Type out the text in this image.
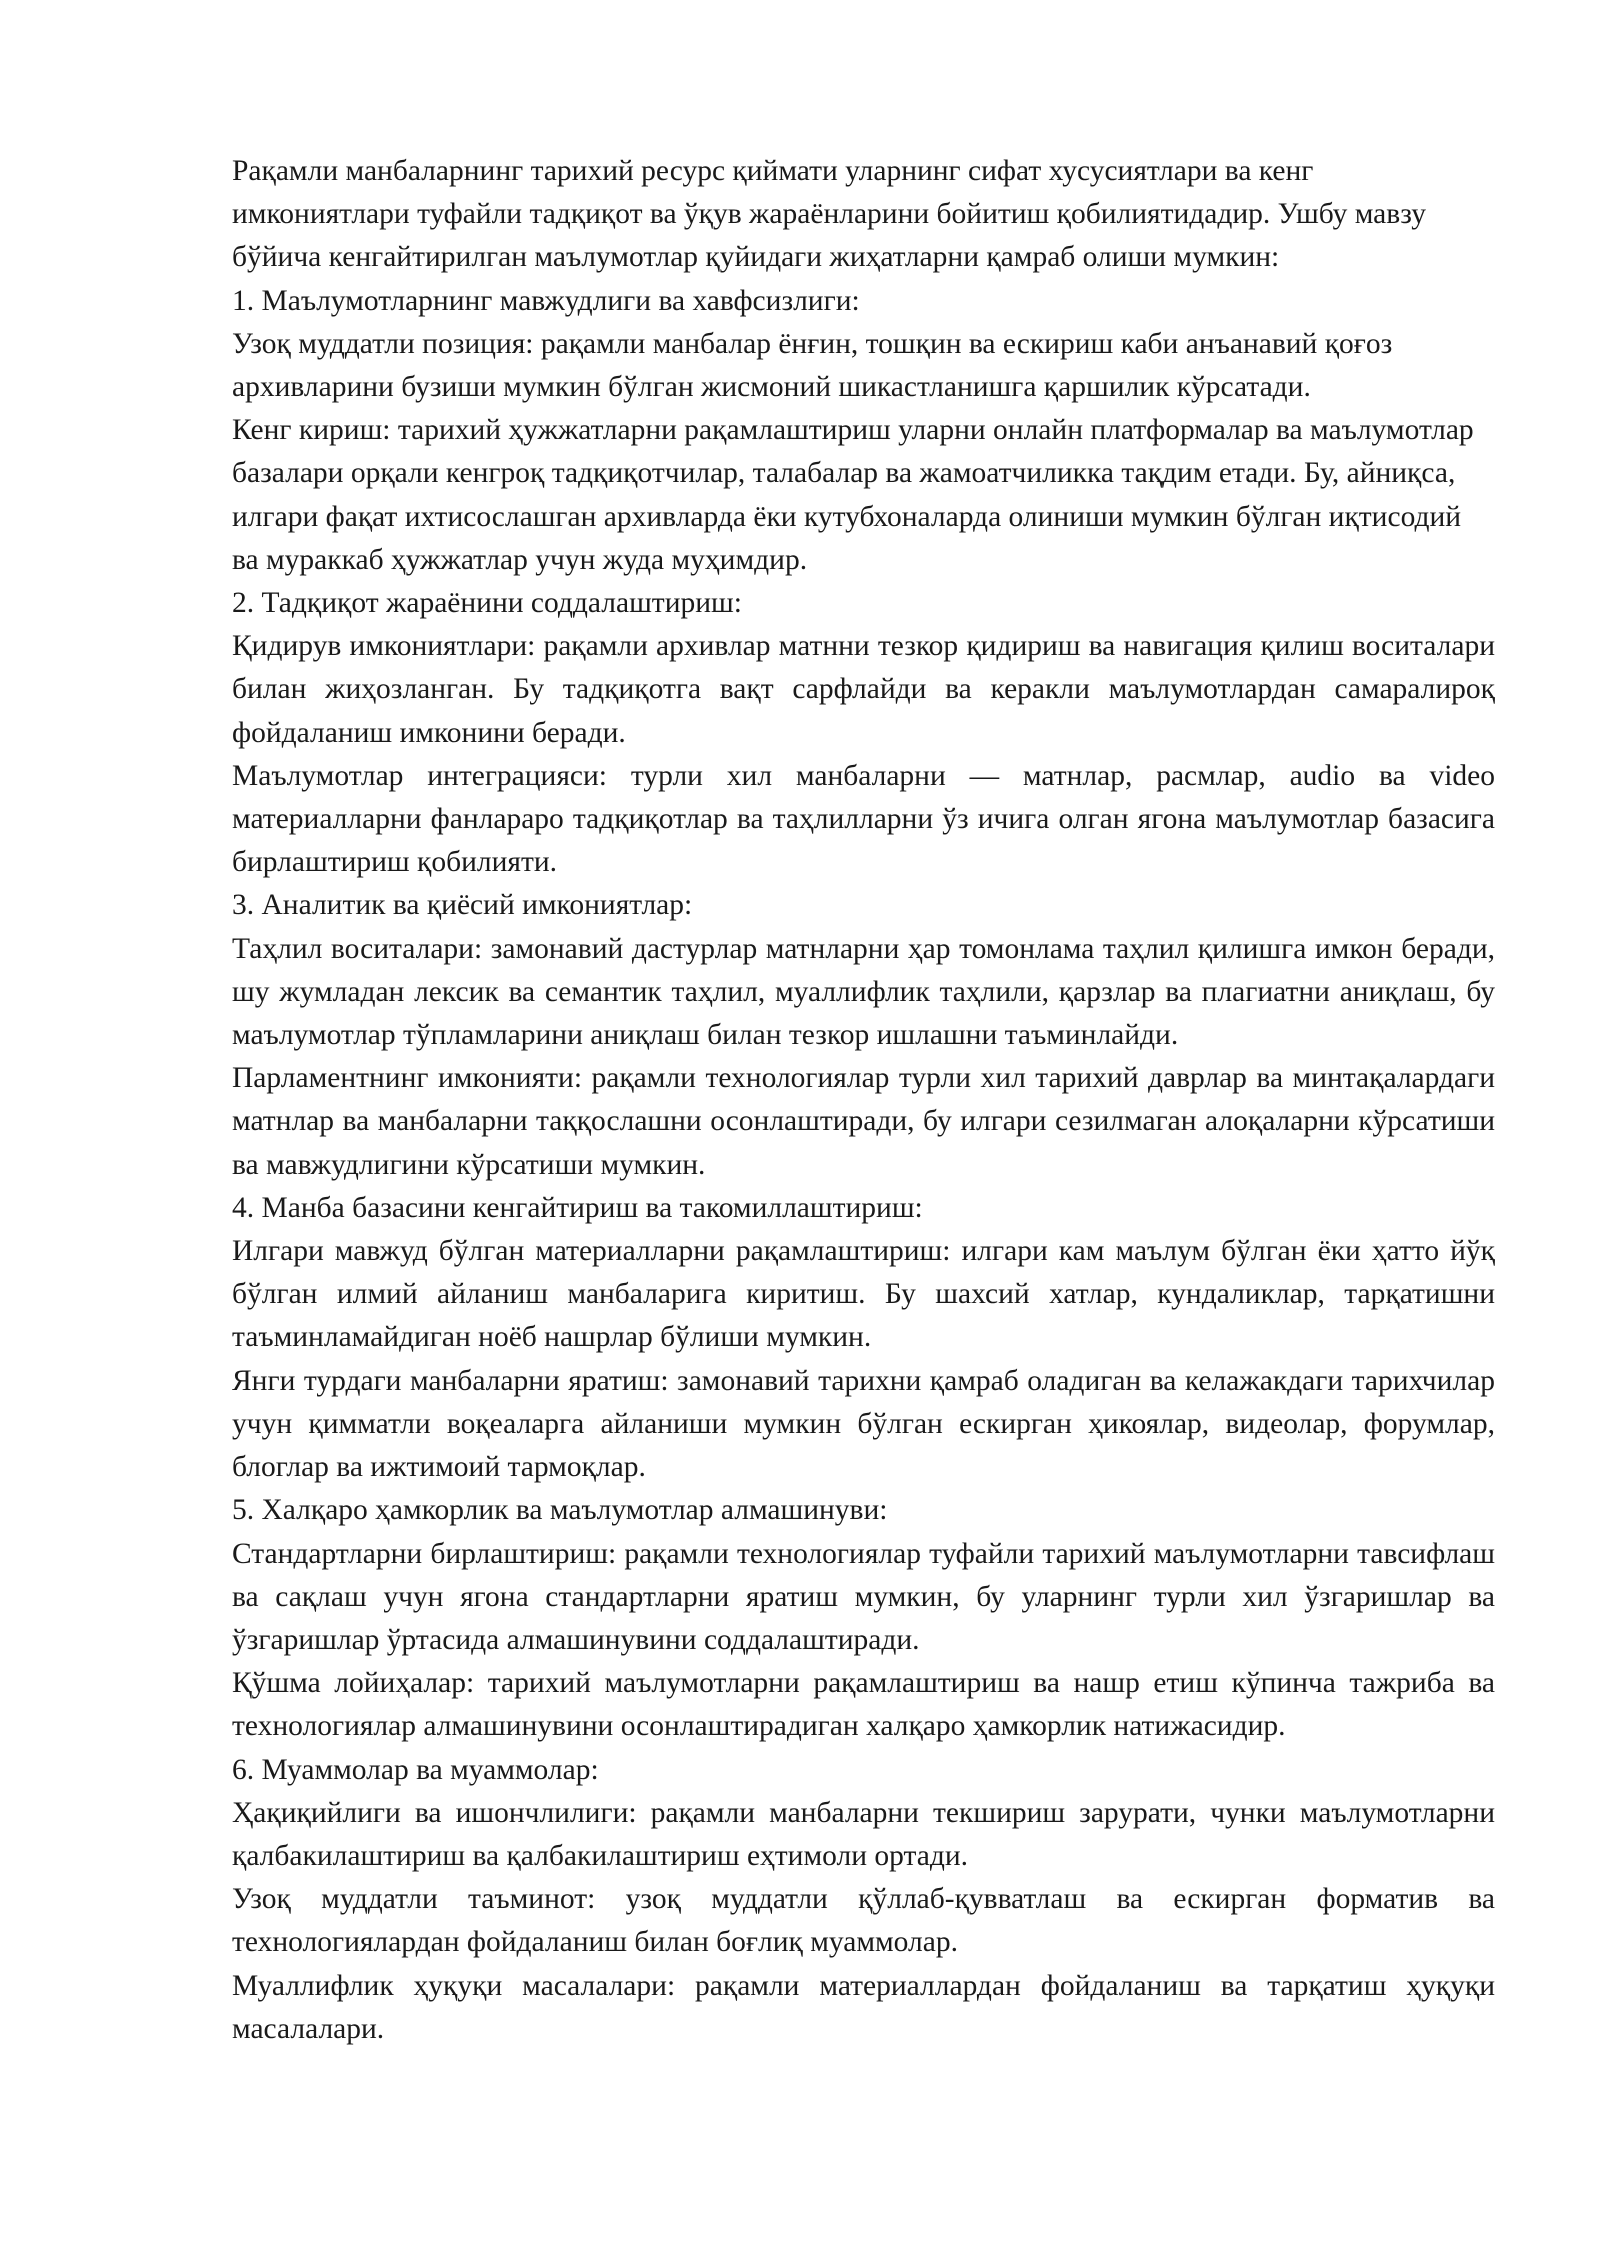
Рақамли манбаларнинг тарихий ресурс қиймати уларнинг сифат хусусиятлари ва кенг имкониятлари туфайли тадқиқот ва ўқув жараёнларини бойитиш қобилиятидадир. Ушбу мавзу бўйича кенгайтирилган маълумотлар қуйидаги жиҳатларни қамраб олиши мумкин:

1. Маълумотларнинг мавжудлиги ва хавфсизлиги:

Узоқ муддатли позиция: рақамли манбалар ёнғин, тошқин ва ескириш каби анъанавий қоғоз архивларини бузиши мумкин бўлган жисмоний шикастланишга қаршилик кўрсатади.

Кенг кириш: тарихий ҳужжатларни рақамлаштириш уларни онлайн платформалар ва маълумотлар базалари орқали кенгроқ тадқиқотчилар, талабалар ва жамоатчиликка тақдим етади. Бу, айниқса, илгари фақат ихтисослашган архивларда ёки кутубхоналарда олиниши мумкин бўлган иқтисодий ва мураккаб ҳужжатлар учун жуда муҳимдир.

2. Тадқиқот жараёнини соддалаштириш:

Қидирув имкониятлари: рақамли архивлар матнни тезкор қидириш ва навигация қилиш воситалари билан жиҳозланган. Бу тадқиқотга вақт сарфлайди ва керакли маълумотлардан самаралироқ фойдаланиш имконини беради.

Маълумотлар интеграцияси: турли хил манбаларни — матнлар, расмлар, audio ва video материалларни фанлараро тадқиқотлар ва таҳлилларни ўз ичига олган ягона маълумотлар базасига бирлаштириш қобилияти.

3. Аналитик ва қиёсий имкониятлар:

Таҳлил воситалари: замонавий дастурлар матнларни ҳар томонлама таҳлил қилишга имкон беради, шу жумладан лексик ва семантик таҳлил, муаллифлик таҳлили, қарзлар ва плагиатни аниқлаш, бу маълумотлар тўпламларини аниқлаш билан тезкор ишлашни таъминлайди.

Парламентнинг имконияти: рақамли технологиялар турли хил тарихий даврлар ва минтақалардаги матнлар ва манбаларни таққослашни осонлаштиради, бу илгари сезилмаган алоқаларни кўрсатиши ва мавжудлигини кўрсатиши мумкин.

4. Манба базасини кенгайтириш ва такомиллаштириш:

Илгари мавжуд бўлган материалларни рақамлаштириш: илгари кам маълум бўлган ёки ҳатто йўқ бўлган илмий айланиш манбаларига киритиш. Бу шахсий хатлар, кундаликлар, тарқатишни таъминламайдиган ноёб нашрлар бўлиши мумкин.

Янги турдаги манбаларни яратиш: замонавий тарихни қамраб оладиган ва келажакдаги тарихчилар учун қимматли воқеаларга айланиши мумкин бўлган ескирган ҳикоялар, видеолар, форумлар, блоглар ва ижтимоий тармоқлар.

5. Халқаро ҳамкорлик ва маълумотлар алмашинуви:

Стандартларни бирлаштириш: рақамли технологиялар туфайли тарихий маълумотларни тавсифлаш ва сақлаш учун ягона стандартларни яратиш мумкин, бу уларнинг турли хил ўзгаришлар ва ўзгаришлар ўртасида алмашинувини соддалаштиради.

Қўшма лойиҳалар: тарихий маълумотларни рақамлаштириш ва нашр етиш кўпинча тажриба ва технологиялар алмашинувини осонлаштирадиган халқаро ҳамкорлик натижасидир.

6. Муаммолар ва муаммолар:

Ҳақиқийлиги ва ишончлилиги: рақамли манбаларни текшириш зарурати, чунки маълумотларни қалбакилаштириш ва қалбакилаштириш еҳтимоли ортади.

Узоқ муддатли таъминот: узоқ муддатли қўллаб-қувватлаш ва ескирган форматив ва технологиялардан фойдаланиш билан боғлиқ муаммолар.

Муаллифлик ҳуқуқи масалалари: рақамли материаллардан фойдаланиш ва тарқатиш ҳуқуқи масалалари.
